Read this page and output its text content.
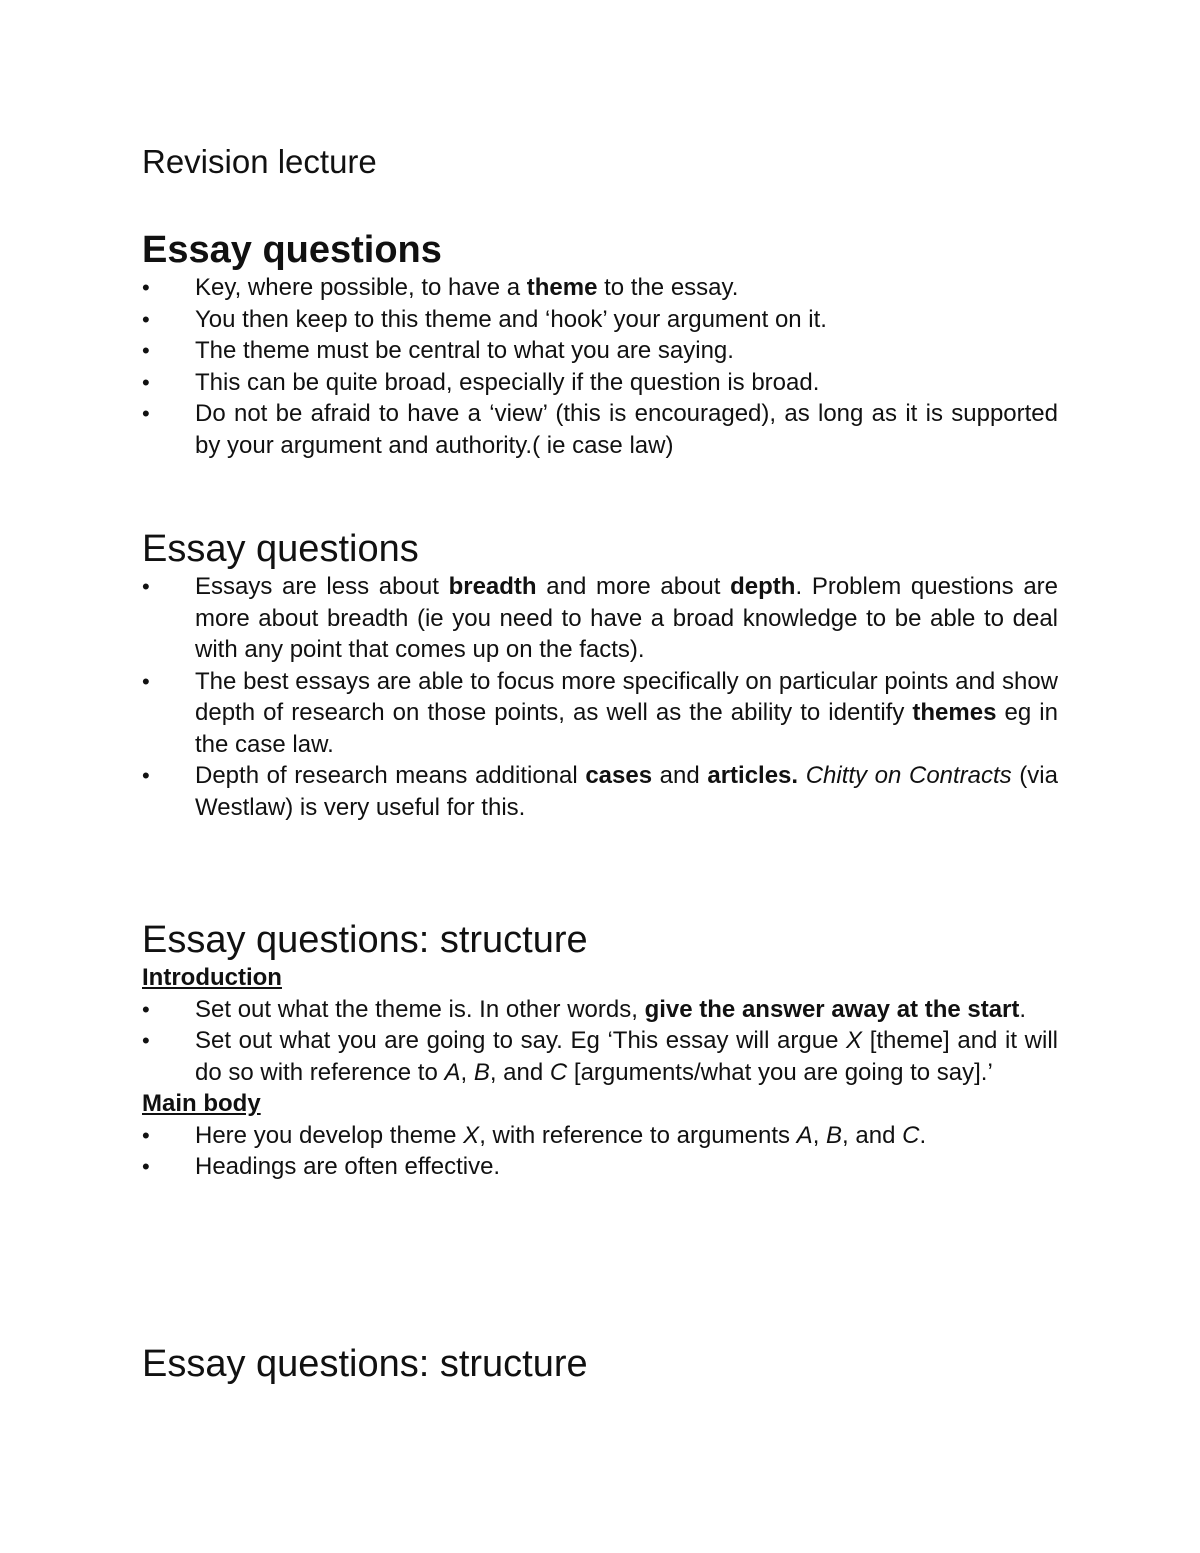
Revision lecture
Essay questions
•	Key, where possible, to have a theme to the essay.
•	You then keep to this theme and ‘hook’ your argument on it.
•	The theme must be central to what you are saying.
•	This can be quite broad, especially if the question is broad.
•	Do not be afraid to have a ‘view’ (this is encouraged), as long as it is supported by your argument and authority.( ie case law)
Essay questions
•	Essays are less about breadth and more about depth. Problem questions are more about breadth (ie you need to have a broad knowledge to be able to deal with any point that comes up on the facts).
•	The best essays are able to focus more specifically on particular points and show depth of research on those points, as well as the ability to identify themes eg in the case law.
•	Depth of research means additional cases and articles. Chitty on Contracts (via Westlaw) is very useful for this.
Essay questions: structure
Introduction
•	Set out what the theme is. In other words, give the answer away at the start.
•	Set out what you are going to say. Eg ‘This essay will argue X [theme] and it will do so with reference to A, B, and C [arguments/what you are going to say].’
Main body
•	Here you develop theme X, with reference to arguments A, B, and C.
•	Headings are often effective.
Essay questions: structure
